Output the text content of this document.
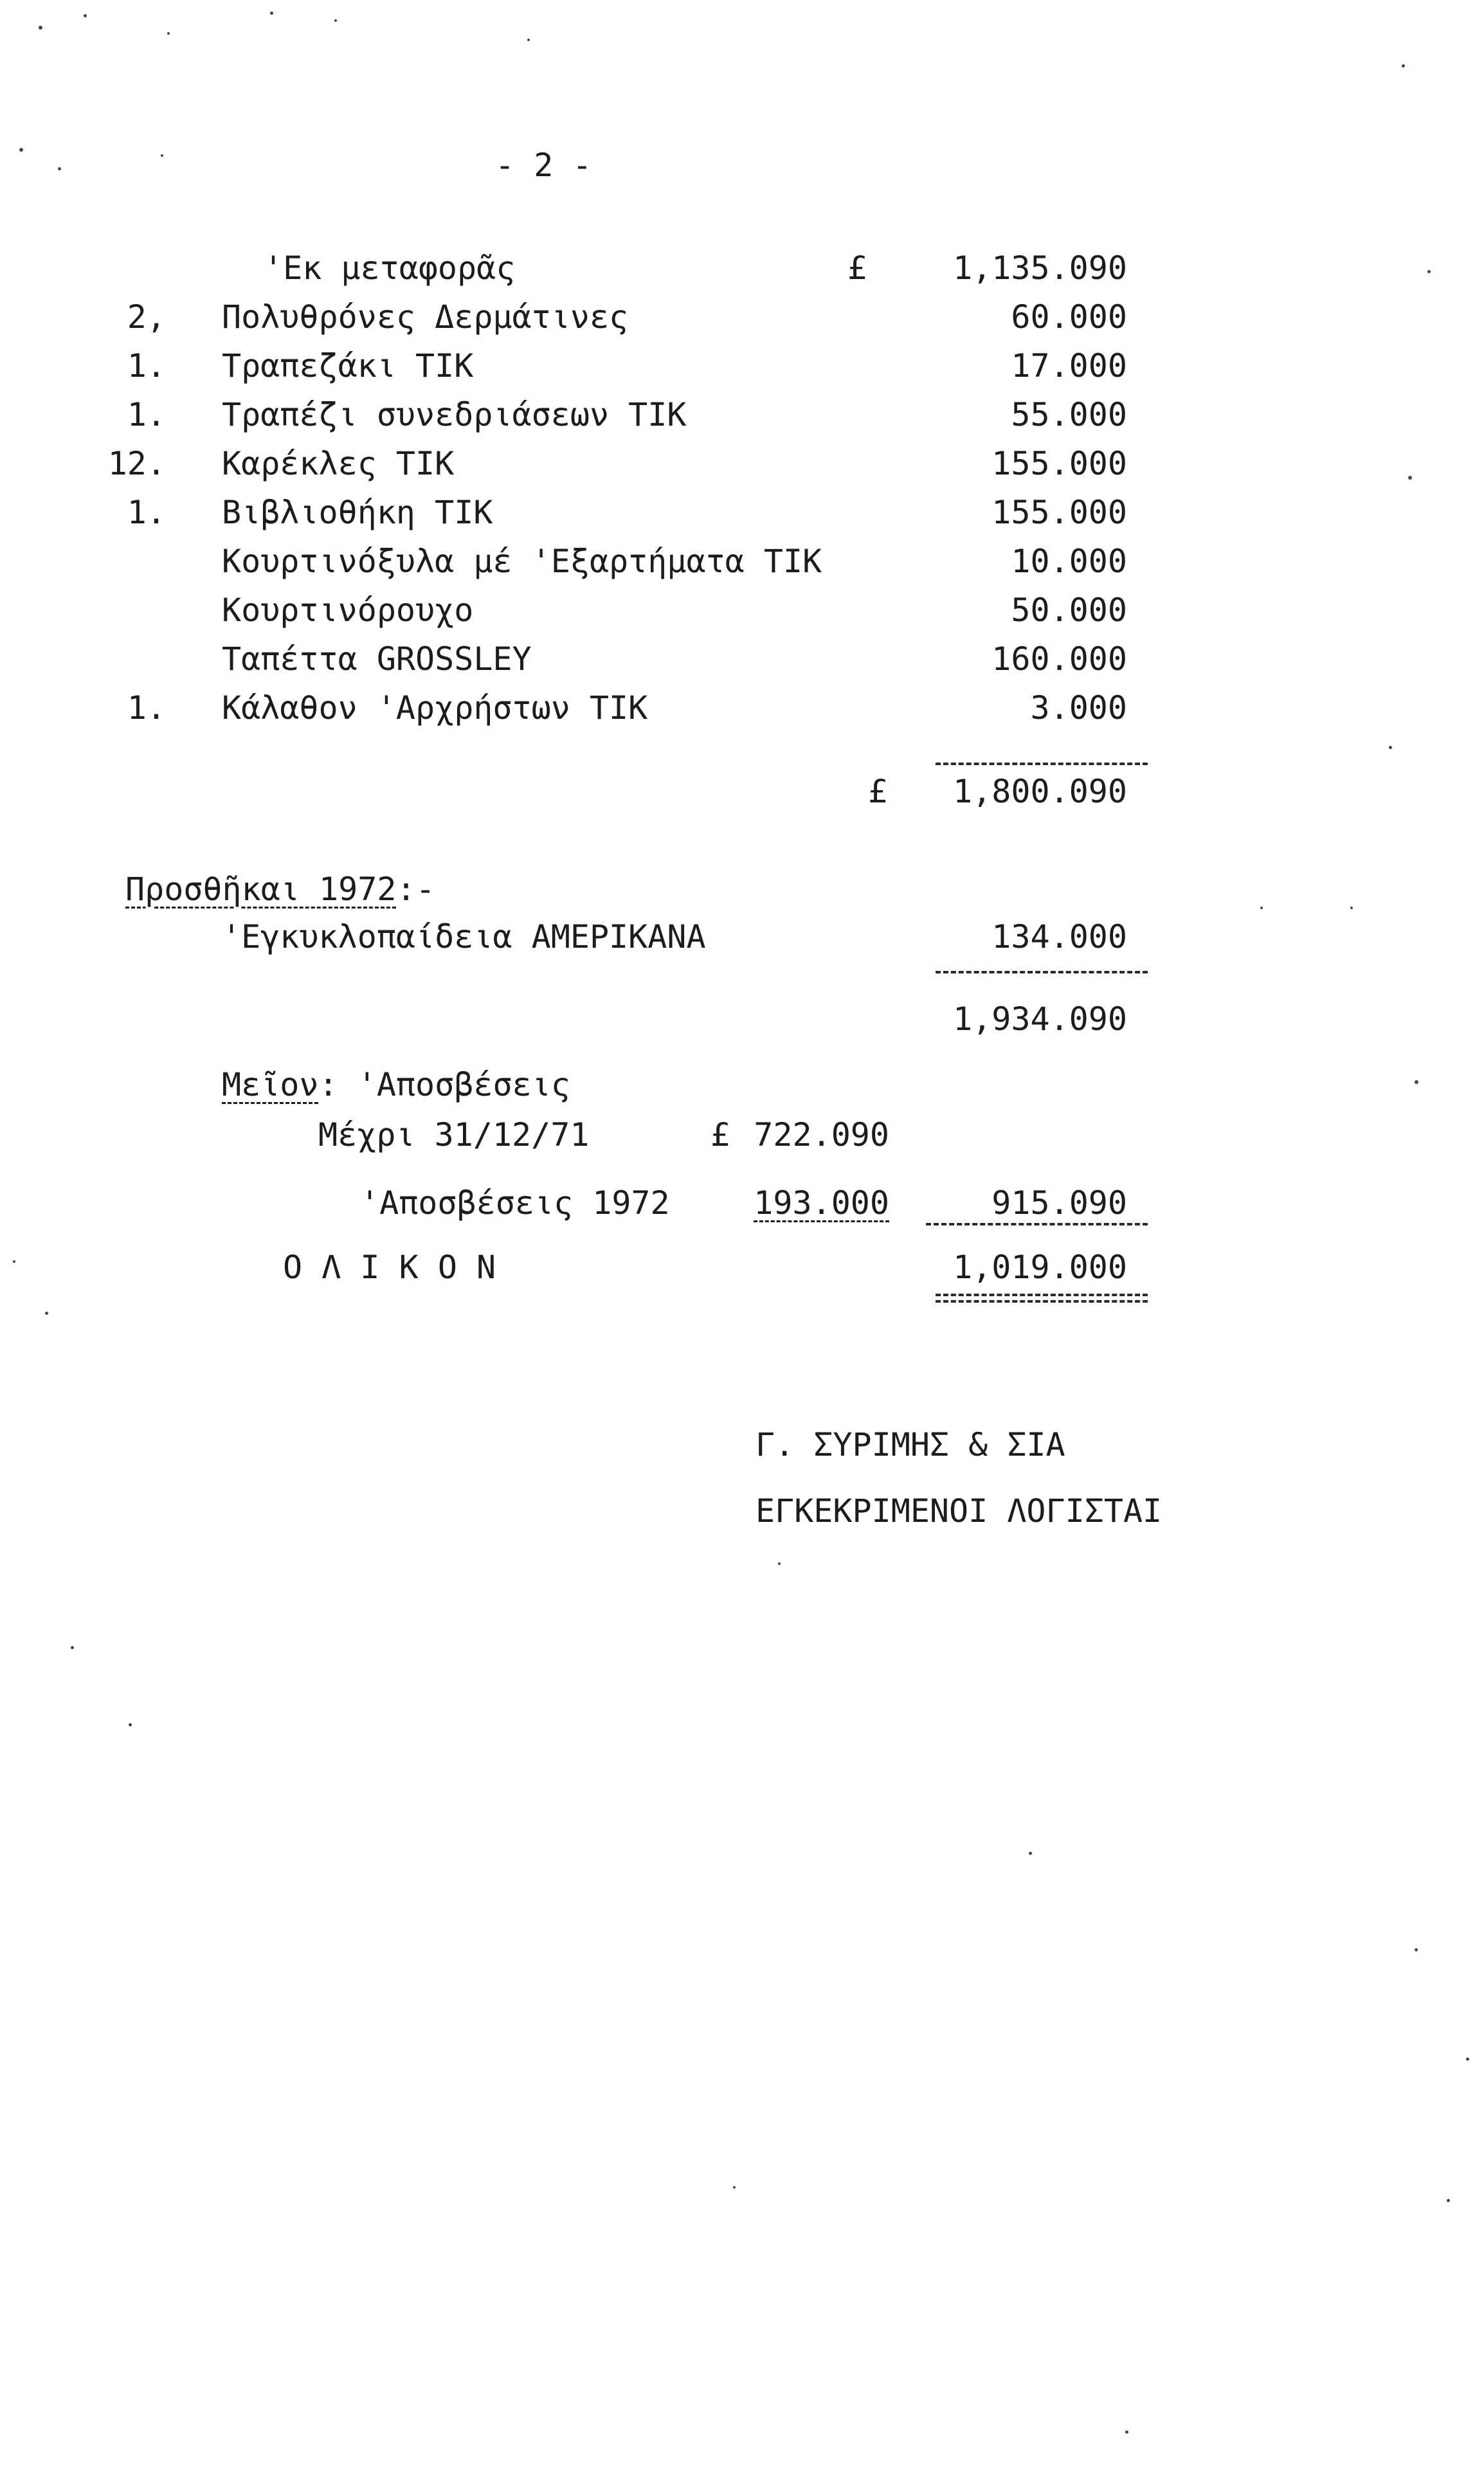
- 2 -
'Εκ μεταφορᾶς	£	1,135.090
2, Πολυθρόνες Δερμάτινες	60.000
1. Τραπεζάκι ΤΙΚ	17.000
1. Τραπέζι συνεδριάσεων ΤΙΚ	55.000
12. Καρέκλες ΤΙΚ	155.000
1. Βιβλιοθήκη ΤΙΚ	155.000
Κουρτινόξυλα μέ 'Εξαρτήματα ΤΙΚ	10.000
Κουρτινόρουχο	50.000
Ταπέττα GROSSLEY	160.000
1. Κάλαθον 'Αρχρήστων ΤΙΚ	3.000
£ 1,800.090
Προσθῆκαι 1972:-
'Εγκυκλοπαίδεια ΑΜΕΡΙΚΑΝΑ	134.000
1,934.090
Μεῖον: 'Αποσβέσεις
Μέχρι 31/12/71	£ 722.090
'Αποσβέσεις 1972	193.000	915.090
Ο Λ Ι Κ Ο Ν	1,019.000
Γ. ΣΥΡΙΜΗΣ & ΣΙΑ
ΕΓΚΕΚΡΙΜΕΝΟΙ ΛΟΓΙΣΤΑΙ
